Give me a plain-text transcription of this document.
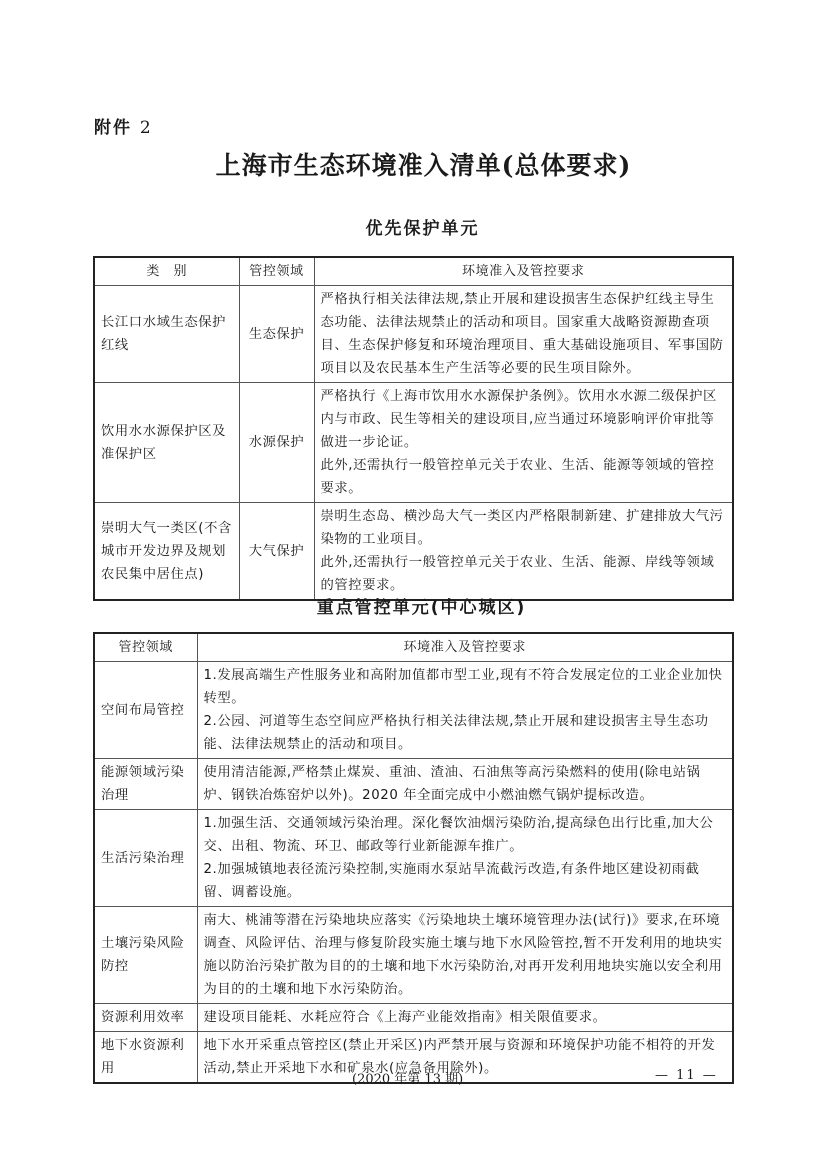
附件 2
上海市生态环境准入清单(总体要求)
优先保护单元
类　别	管控领域	环境准入及管控要求
长江口水域生态保护红线	生态保护	严格执行相关法律法规,禁止开展和建设损害生态保护红线主导生态功能、法律法规禁止的活动和项目。国家重大战略资源勘查项目、生态保护修复和环境治理项目、重大基础设施项目、军事国防项目以及农民基本生产生活等必要的民生项目除外。

饮用水水源保护区及准保护区	水源保护	严格执行《上海市饮用水水源保护条例》。饮用水水源二级保护区内与市政、民生等相关的建设项目,应当通过环境影响评价审批等做进一步论证。

此外,还需执行一般管控单元关于农业、生活、能源等领域的管控要求。

崇明大气一类区(不含城市开发边界及规划农民集中居住点)	大气保护	崇明生态岛、横沙岛大气一类区内严格限制新建、扩建排放大气污染物的工业项目。

此外,还需执行一般管控单元关于农业、生活、能源、岸线等领域的管控要求。

重点管控单元(中心城区)
管控领域	环境准入及管控要求
空间布局管控	1.发展高端生产性服务业和高附加值都市型工业,现有不符合发展定位的工业企业加快转型。

2.公园、河道等生态空间应严格执行相关法律法规,禁止开展和建设损害主导生态功能、法律法规禁止的活动和项目。

能源领域污染治理	使用清洁能源,严格禁止煤炭、重油、渣油、石油焦等高污染燃料的使用(除电站锅炉、钢铁冶炼窑炉以外)。2020 年全面完成中小燃油燃气锅炉提标改造。

生活污染治理	1.加强生活、交通领域污染治理。深化餐饮油烟污染防治,提高绿色出行比重,加大公交、出租、物流、环卫、邮政等行业新能源车推广。

2.加强城镇地表径流污染控制,实施雨水泵站旱流截污改造,有条件地区建设初雨截留、调蓄设施。

土壤污染风险防控	南大、桃浦等潜在污染地块应落实《污染地块土壤环境管理办法(试行)》要求,在环境调查、风险评估、治理与修复阶段实施土壤与地下水风险管控,暂不开发利用的地块实施以防治污染扩散为目的的土壤和地下水污染防治,对再开发利用地块实施以安全利用为目的的土壤和地下水污染防治。

资源利用效率	建设项目能耗、水耗应符合《上海产业能效指南》相关限值要求。

地下水资源利用	地下水开采重点管控区(禁止开采区)内严禁开展与资源和环境保护功能不相符的开发活动,禁止开采地下水和矿泉水(应急备用除外)。

(2020 年第 13 期)	— 11 —
